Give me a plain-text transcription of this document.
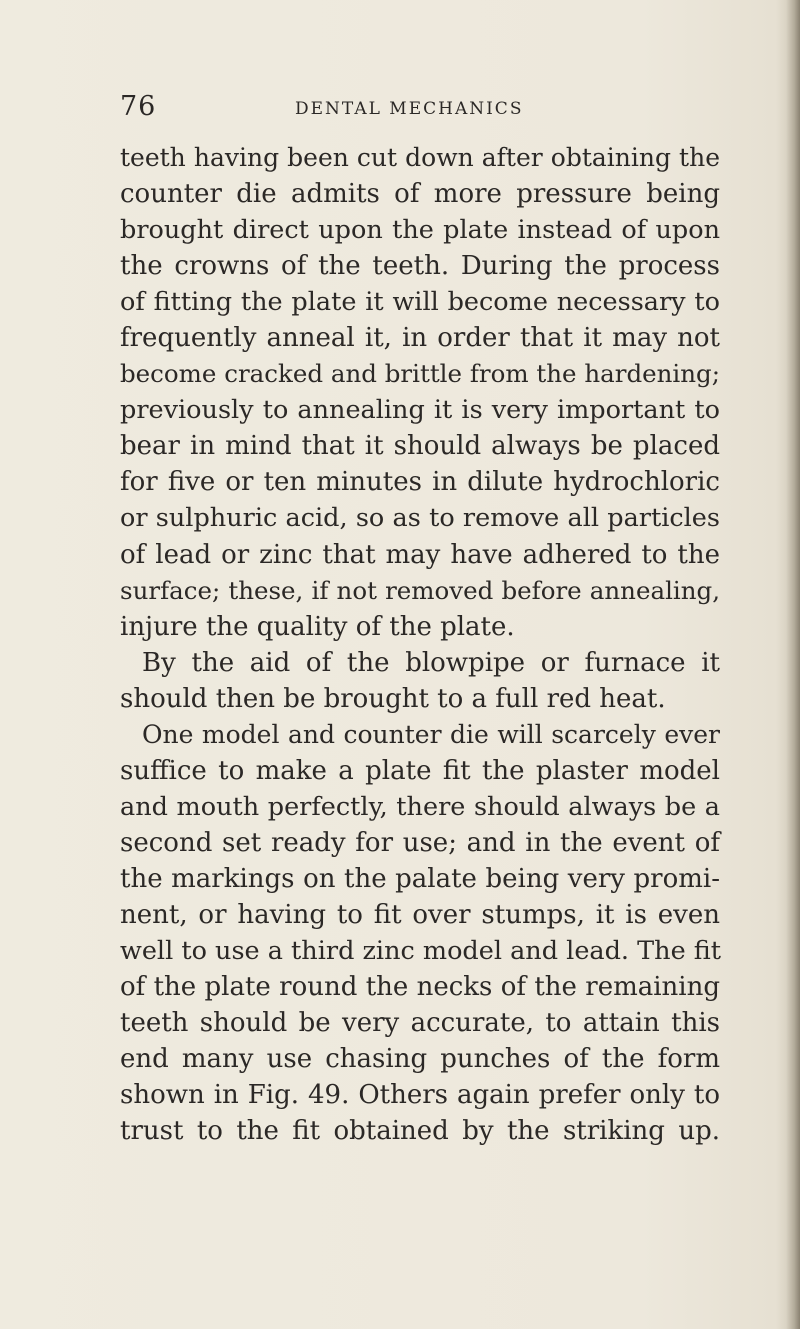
76	DENTAL MECHANICS
teeth having been cut down after obtaining the
counter die admits of more pressure being
brought direct upon the plate instead of upon
the crowns of the teeth. During the process
of fitting the plate it will become necessary to
frequently anneal it, in order that it may not
become cracked and brittle from the hardening;
previously to annealing it is very important to
bear in mind that it should always be placed
for five or ten minutes in dilute hydrochloric
or sulphuric acid, so as to remove all particles
of lead or zinc that may have adhered to the
surface; these, if not removed before annealing,
injure the quality of the plate.
By the aid of the blowpipe or furnace it
should then be brought to a full red heat.
One model and counter die will scarcely ever
suffice to make a plate fit the plaster model
and mouth perfectly, there should always be a
second set ready for use; and in the event of
the markings on the palate being very promi-
nent, or having to fit over stumps, it is even
well to use a third zinc model and lead. The fit
of the plate round the necks of the remaining
teeth should be very accurate, to attain this
end many use chasing punches of the form
shown in Fig. 49. Others again prefer only to
trust to the fit obtained by the striking up.
